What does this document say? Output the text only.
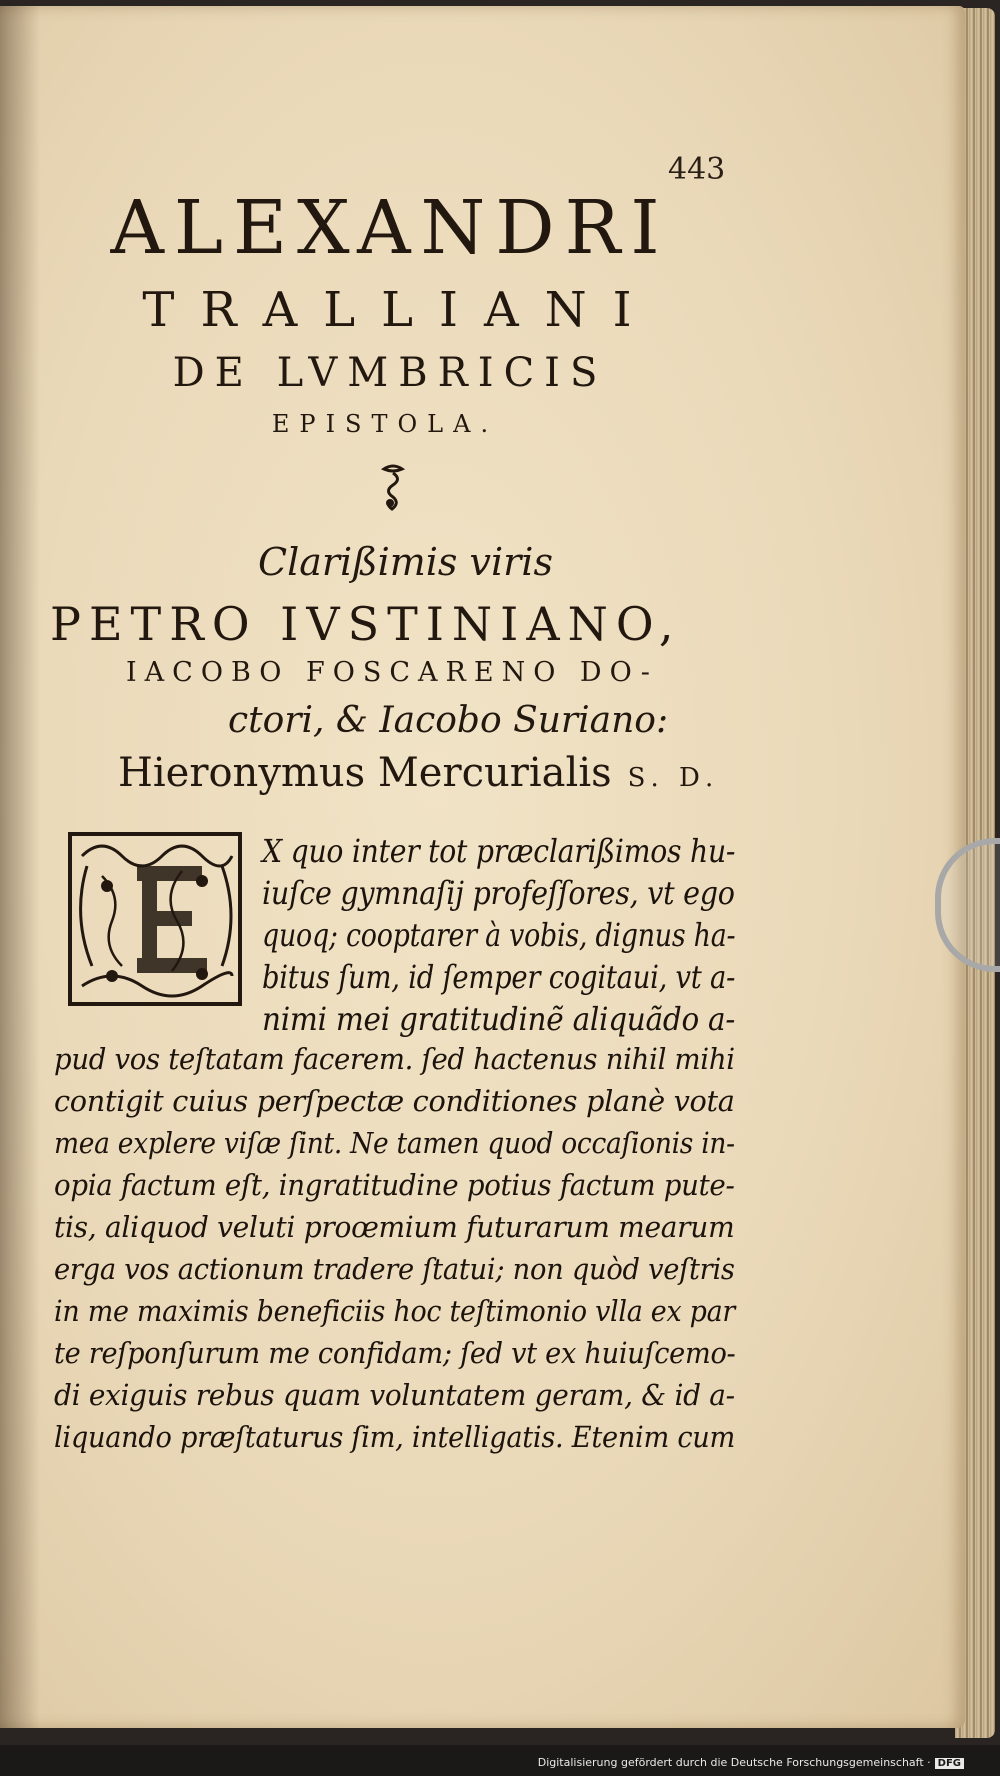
443
ALEXANDRI
TRALLIANI
DE LVMBRICIS
EPISTOLA.
Clarißimis viris
PETRO IVSTINIANO,
IACOBO FOSCARENO DO-
ctori, & Iacobo Suriano:
Hieronymus Mercurialis S. D.
X quo inter tot præclarißimos hu-
iuſce gymnaſij profeſſores, vt ego
quoq; cooptarer à vobis, dignus ha-
bitus ſum, id ſemper cogitaui, vt a-
nimi mei gratitudinẽ aliquãdo a-
pud vos teſtatam facerem. ſed hactenus nihil mihi
contigit cuius perſpectæ conditiones planè vota
mea explere viſæ ſint. Ne tamen quod occaſionis in-
opia factum eſt, ingratitudine potius factum pute-
tis, aliquod veluti proœmium futurarum mearum
erga vos actionum tradere ſtatui; non quòd veſtris
in me maximis beneficiis hoc teſtimonio vlla ex par
te reſponſurum me confidam; ſed vt ex huiuſcemo-
di exiguis rebus quam voluntatem geram, & id a-
liquando præſtaturus ſim, intelligatis. Etenim cum
Digitalisierung gefördert durch die Deutsche Forschungsgemeinschaft · DFG
